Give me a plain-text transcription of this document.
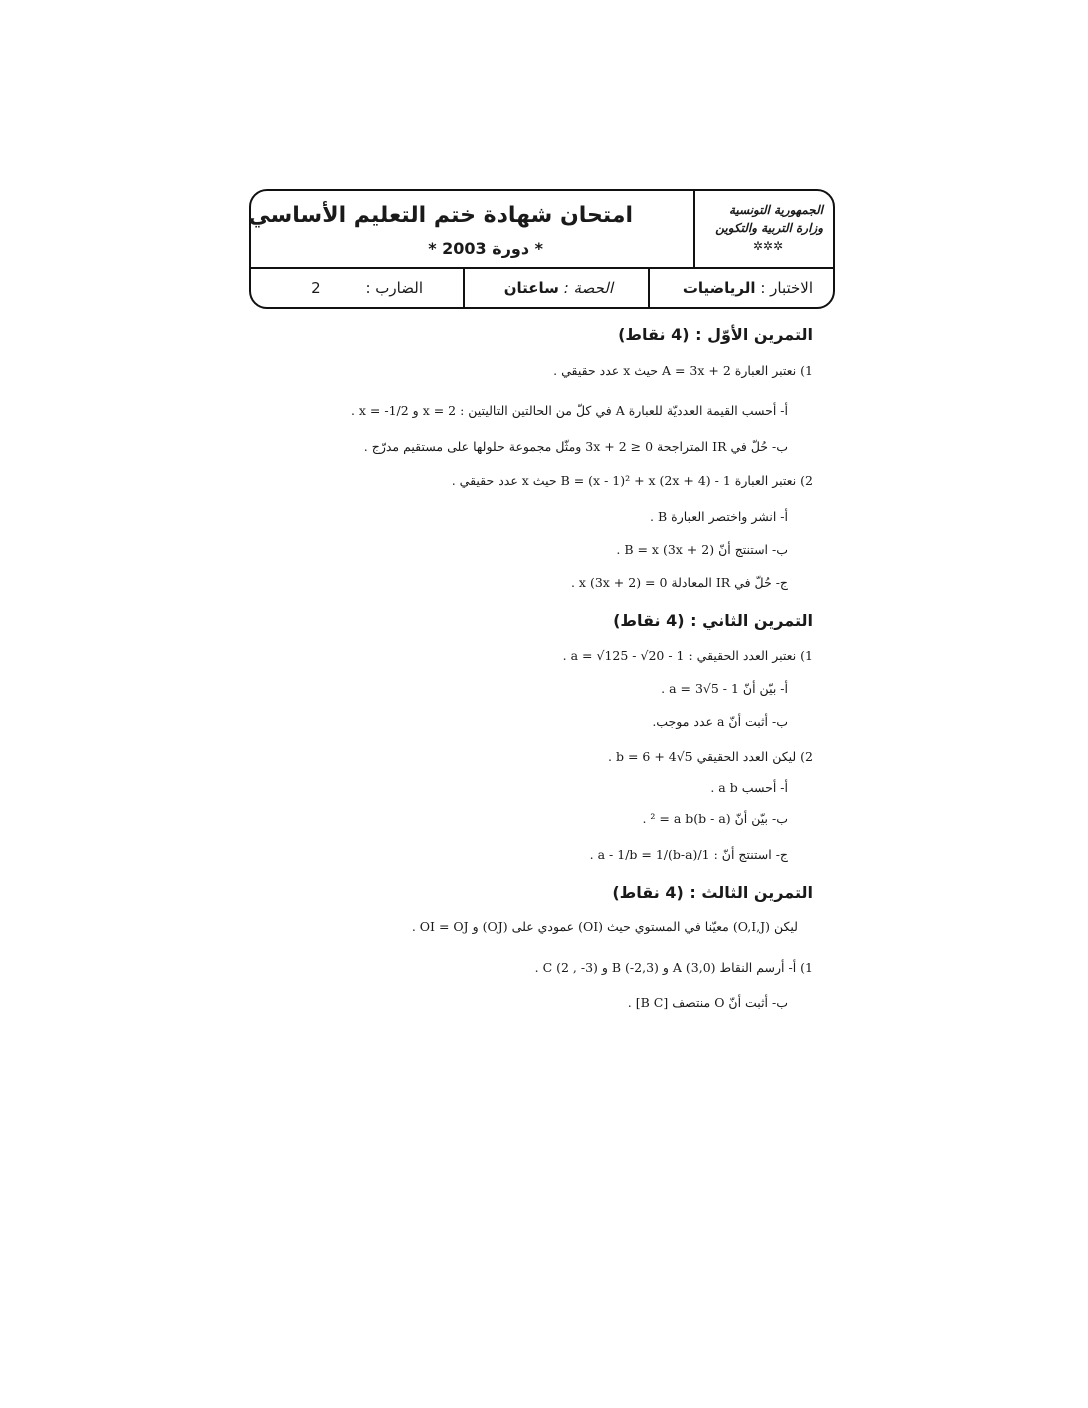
الجمهورية التونسية
وزارة التربية والتكوين
✲✲✲
امتحان شهادة ختم التعليم الأساسي
* دورة 2003 *
الاختبار : الرياضيات
الحصة : ساعتان
الضارب : 2
التمرين الأوّل : (4 نقاط)
1) نعتبر العبارة A = 3x + 2 حيث x عدد حقيقي .
أ- أحسب القيمة العدديّة للعبارة A في كلّ من الحالتين التاليتين : x = 2 و x = -1/2 .
ب- حُلّ في IR المتراجحة 3x + 2 ≥ 0 ومثّل مجموعة حلولها على مستقيم مدرّج .
2) نعتبر العبارة B = (x - 1)² + x (2x + 4) - 1 حيث x عدد حقيقي .
أ- انشر واختصر العبارة B .
ب- استنتج أنّ B = x (3x + 2) .
ج- حُلّ في IR المعادلة x (3x + 2) = 0 .
التمرين الثاني : (4 نقاط)
1) نعتبر العدد الحقيقي : a = √125 - √20 - 1 .
أ- بيّن أنّ a = 3√5 - 1 .
ب- أثبت أنّ a عدد موجب.
2) ليكن العدد الحقيقي b = 6 + 4√5 .
أ- أحسب a b .
ب- بيّن أنّ (b - a)² = a b .
ج- استنتج أنّ : 1/a - 1/b = 1/(b-a) .
التمرين الثالث : (4 نقاط)
ليكن (O,I,J) معيّنا في المستوي حيث (OI) عمودي على (OJ) و OI = OJ .
1) أ- أرسم النقاط A (3,0) و B (-2,3) و C (2 , -3) .
ب- أثبت أنّ O منتصف [B C] .
